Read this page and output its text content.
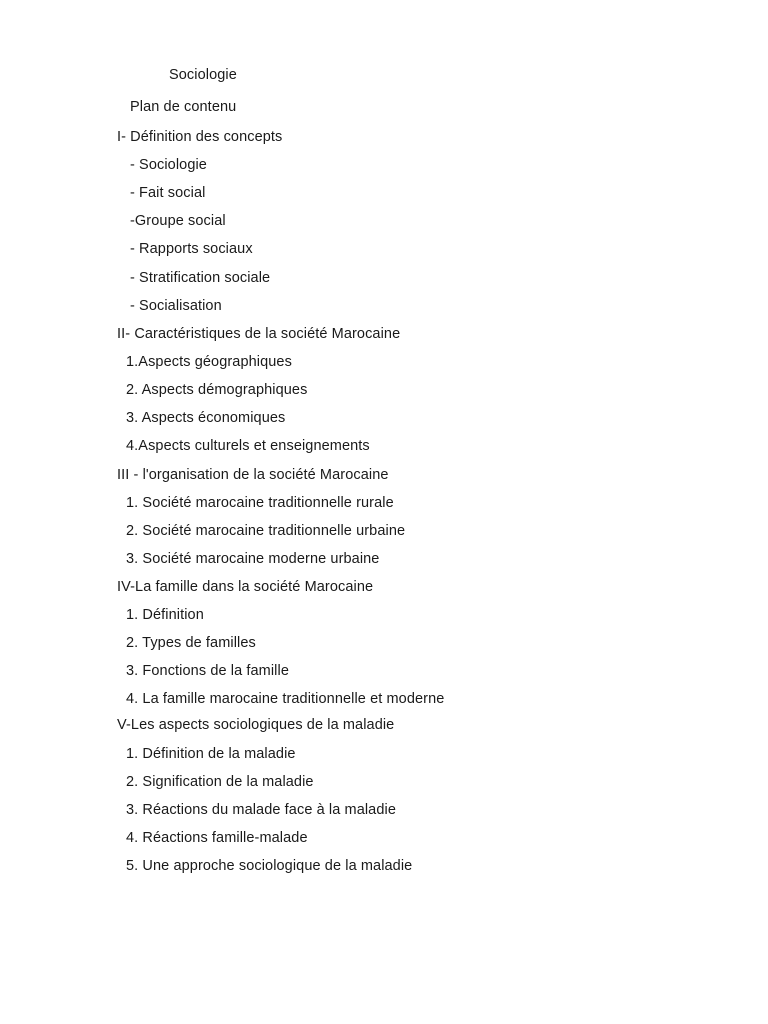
Sociologie
Plan de contenu
I- Définition des concepts
- Sociologie
- Fait social
-Groupe social
- Rapports sociaux
- Stratification sociale
- Socialisation
II- Caractéristiques de la société Marocaine
1.Aspects géographiques
2. Aspects démographiques
3. Aspects économiques
4.Aspects culturels et enseignements
III - l'organisation de la société Marocaine
1. Société marocaine traditionnelle rurale
2. Société marocaine traditionnelle urbaine
3. Société marocaine moderne urbaine
IV-La famille dans la société Marocaine
1. Définition
2. Types de familles
3. Fonctions de la famille
4. La famille marocaine traditionnelle et moderne
V-Les aspects sociologiques de la maladie
1. Définition de la maladie
2. Signification de la maladie
3. Réactions du malade face à la maladie
4. Réactions famille-malade
5. Une approche sociologique de la maladie
